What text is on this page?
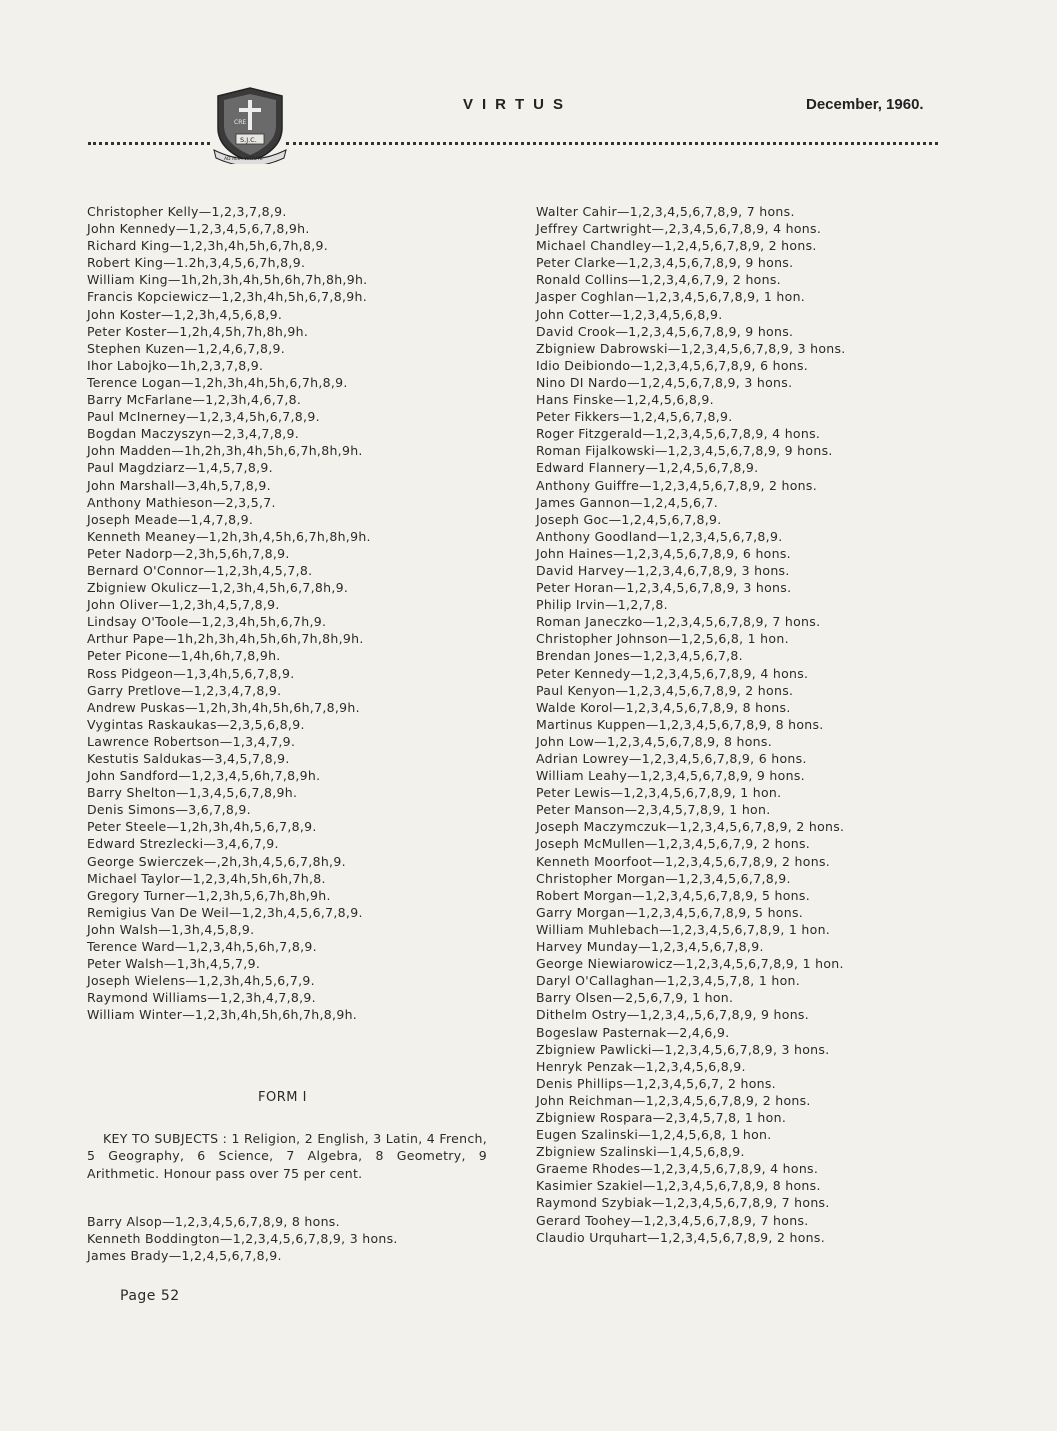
VIRTUS	December, 1960.
CRE
S.J.C.
AD ALTA VIRTUTE
Christopher Kelly—1,2,3,7,8,9.
John Kennedy—1,2,3,4,5,6,7,8,9h.
Richard King—1,2,3h,4h,5h,6,7h,8,9.
Robert King—1.2h,3,4,5,6,7h,8,9.
William King—1h,2h,3h,4h,5h,6h,7h,8h,9h.
Francis Kopciewicz—1,2,3h,4h,5h,6,7,8,9h.
John Koster—1,2,3h,4,5,6,8,9.
Peter Koster—1,2h,4,5h,7h,8h,9h.
Stephen Kuzen—1,2,4,6,7,8,9.
Ihor Labojko—1h,2,3,7,8,9.
Terence Logan—1,2h,3h,4h,5h,6,7h,8,9.
Barry McFarlane—1,2,3h,4,6,7,8.
Paul McInerney—1,2,3,4,5h,6,7,8,9.
Bogdan Maczyszyn—2,3,4,7,8,9.
John Madden—1h,2h,3h,4h,5h,6,7h,8h,9h.
Paul Magdziarz—1,4,5,7,8,9.
John Marshall—3,4h,5,7,8,9.
Anthony Mathieson—2,3,5,7.
Joseph Meade—1,4,7,8,9.
Kenneth Meaney—1,2h,3h,4,5h,6,7h,8h,9h.
Peter Nadorp—2,3h,5,6h,7,8,9.
Bernard O'Connor—1,2,3h,4,5,7,8.
Zbigniew Okulicz—1,2,3h,4,5h,6,7,8h,9.
John Oliver—1,2,3h,4,5,7,8,9.
Lindsay O'Toole—1,2,3,4h,5h,6,7h,9.
Arthur Pape—1h,2h,3h,4h,5h,6h,7h,8h,9h.
Peter Picone—1,4h,6h,7,8,9h.
Ross Pidgeon—1,3,4h,5,6,7,8,9.
Garry Pretlove—1,2,3,4,7,8,9.
Andrew Puskas—1,2h,3h,4h,5h,6h,7,8,9h.
Vygintas Raskaukas—2,3,5,6,8,9.
Lawrence Robertson—1,3,4,7,9.
Kestutis Saldukas—3,4,5,7,8,9.
John Sandford—1,2,3,4,5,6h,7,8,9h.
Barry Shelton—1,3,4,5,6,7,8,9h.
Denis Simons—3,6,7,8,9.
Peter Steele—1,2h,3h,4h,5,6,7,8,9.
Edward Strezlecki—3,4,6,7,9.
George Swierczek—,2h,3h,4,5,6,7,8h,9.
Michael Taylor—1,2,3,4h,5h,6h,7h,8.
Gregory Turner—1,2,3h,5,6,7h,8h,9h.
Remigius Van De Weil—1,2,3h,4,5,6,7,8,9.
John Walsh—1,3h,4,5,8,9.
Terence Ward—1,2,3,4h,5,6h,7,8,9.
Peter Walsh—1,3h,4,5,7,9.
Joseph Wielens—1,2,3h,4h,5,6,7,9.
Raymond Williams—1,2,3h,4,7,8,9.
William Winter—1,2,3h,4h,5h,6h,7h,8,9h.
Walter Cahir—1,2,3,4,5,6,7,8,9, 7 hons.
Jeffrey Cartwright—,2,3,4,5,6,7,8,9, 4 hons.
Michael Chandley—1,2,4,5,6,7,8,9, 2 hons.
Peter Clarke—1,2,3,4,5,6,7,8,9, 9 hons.
Ronald Collins—1,2,3,4,6,7,9, 2 hons.
Jasper Coghlan—1,2,3,4,5,6,7,8,9, 1 hon.
John Cotter—1,2,3,4,5,6,8,9.
David Crook—1,2,3,4,5,6,7,8,9, 9 hons.
Zbigniew Dabrowski—1,2,3,4,5,6,7,8,9, 3 hons.
Idio Deibiondo—1,2,3,4,5,6,7,8,9, 6 hons.
Nino DI Nardo—1,2,4,5,6,7,8,9, 3 hons.
Hans Finske—1,2,4,5,6,8,9.
Peter Fikkers—1,2,4,5,6,7,8,9.
Roger Fitzgerald—1,2,3,4,5,6,7,8,9, 4 hons.
Roman Fijalkowski—1,2,3,4,5,6,7,8,9, 9 hons.
Edward Flannery—1,2,4,5,6,7,8,9.
Anthony Guiffre—1,2,3,4,5,6,7,8,9, 2 hons.
James Gannon—1,2,4,5,6,7.
Joseph Goc—1,2,4,5,6,7,8,9.
Anthony Goodland—1,2,3,4,5,6,7,8,9.
John Haines—1,2,3,4,5,6,7,8,9, 6 hons.
David Harvey—1,2,3,4,6,7,8,9, 3 hons.
Peter Horan—1,2,3,4,5,6,7,8,9, 3 hons.
Philip Irvin—1,2,7,8.
Roman Janeczko—1,2,3,4,5,6,7,8,9, 7 hons.
Christopher Johnson—1,2,5,6,8, 1 hon.
Brendan Jones—1,2,3,4,5,6,7,8.
Peter Kennedy—1,2,3,4,5,6,7,8,9, 4 hons.
Paul Kenyon—1,2,3,4,5,6,7,8,9, 2 hons.
Walde Korol—1,2,3,4,5,6,7,8,9, 8 hons.
Martinus Kuppen—1,2,3,4,5,6,7,8,9, 8 hons.
John Low—1,2,3,4,5,6,7,8,9, 8 hons.
Adrian Lowrey—1,2,3,4,5,6,7,8,9, 6 hons.
William Leahy—1,2,3,4,5,6,7,8,9, 9 hons.
Peter Lewis—1,2,3,4,5,6,7,8,9, 1 hon.
Peter Manson—2,3,4,5,7,8,9, 1 hon.
Joseph Maczymczuk—1,2,3,4,5,6,7,8,9, 2 hons.
Joseph McMullen—1,2,3,4,5,6,7,9, 2 hons.
Kenneth Moorfoot—1,2,3,4,5,6,7,8,9, 2 hons.
Christopher Morgan—1,2,3,4,5,6,7,8,9.
Robert Morgan—1,2,3,4,5,6,7,8,9, 5 hons.
Garry Morgan—1,2,3,4,5,6,7,8,9, 5 hons.
William Muhlebach—1,2,3,4,5,6,7,8,9, 1 hon.
Harvey Munday—1,2,3,4,5,6,7,8,9.
George Niewiarowicz—1,2,3,4,5,6,7,8,9, 1 hon.
Daryl O'Callaghan—1,2,3,4,5,7,8, 1 hon.
Barry Olsen—2,5,6,7,9, 1 hon.
Dithelm Ostry—1,2,3,4,,5,6,7,8,9, 9 hons.
Bogeslaw Pasternak—2,4,6,9.
Zbigniew Pawlicki—1,2,3,4,5,6,7,8,9, 3 hons.
Henryk Penzak—1,2,3,4,5,6,8,9.
Denis Phillips—1,2,3,4,5,6,7, 2 hons.
John Reichman—1,2,3,4,5,6,7,8,9, 2 hons.
Zbigniew Rospara—2,3,4,5,7,8, 1 hon.
Eugen Szalinski—1,2,4,5,6,8, 1 hon.
Zbigniew Szalinski—1,4,5,6,8,9.
Graeme Rhodes—1,2,3,4,5,6,7,8,9, 4 hons.
Kasimier Szakiel—1,2,3,4,5,6,7,8,9, 8 hons.
Raymond Szybiak—1,2,3,4,5,6,7,8,9, 7 hons.
Gerard Toohey—1,2,3,4,5,6,7,8,9, 7 hons.
Claudio Urquhart—1,2,3,4,5,6,7,8,9, 2 hons.
FORM I
KEY TO SUBJECTS : 1 Religion, 2 English, 3 Latin, 4 French, 5 Geography, 6 Science, 7 Algebra, 8 Geometry, 9 Arithmetic. Honour pass over 75 per cent.
Barry Alsop—1,2,3,4,5,6,7,8,9, 8 hons.
Kenneth Boddington—1,2,3,4,5,6,7,8,9, 3 hons.
James Brady—1,2,4,5,6,7,8,9.
Page 52
